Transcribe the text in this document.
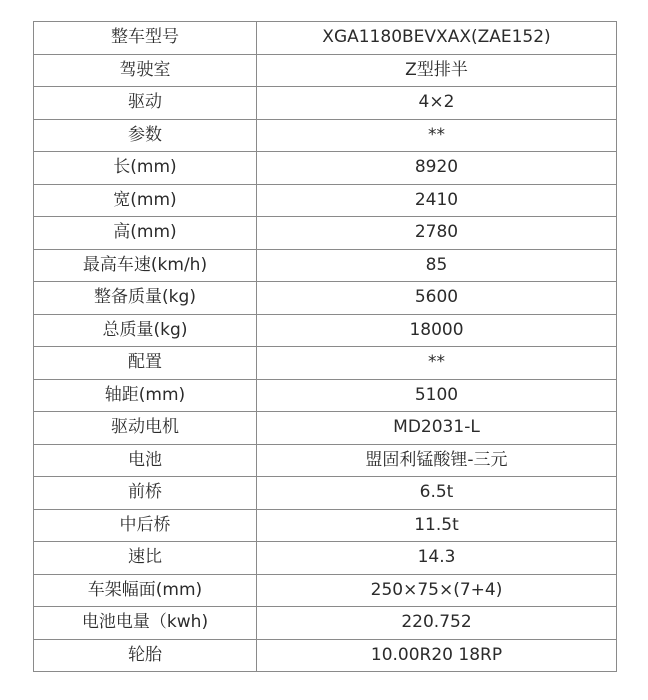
整车型号	XGA1180BEVXAX(ZAE152)
驾驶室	Z型排半
驱动	4×2
参数	**
长(mm)	8920
宽(mm)	2410
高(mm)	2780
最高车速(km/h)	85
整备质量(kg)	5600
总质量(kg)	18000
配置	**
轴距(mm)	5100
驱动电机	MD2031-L
电池	盟固利锰酸锂-三元
前桥	6.5t
中后桥	11.5t
速比	14.3
车架幅面(mm)	250×75×(7+4)
电池电量（kwh)	220.752
轮胎	10.00R20 18RP
